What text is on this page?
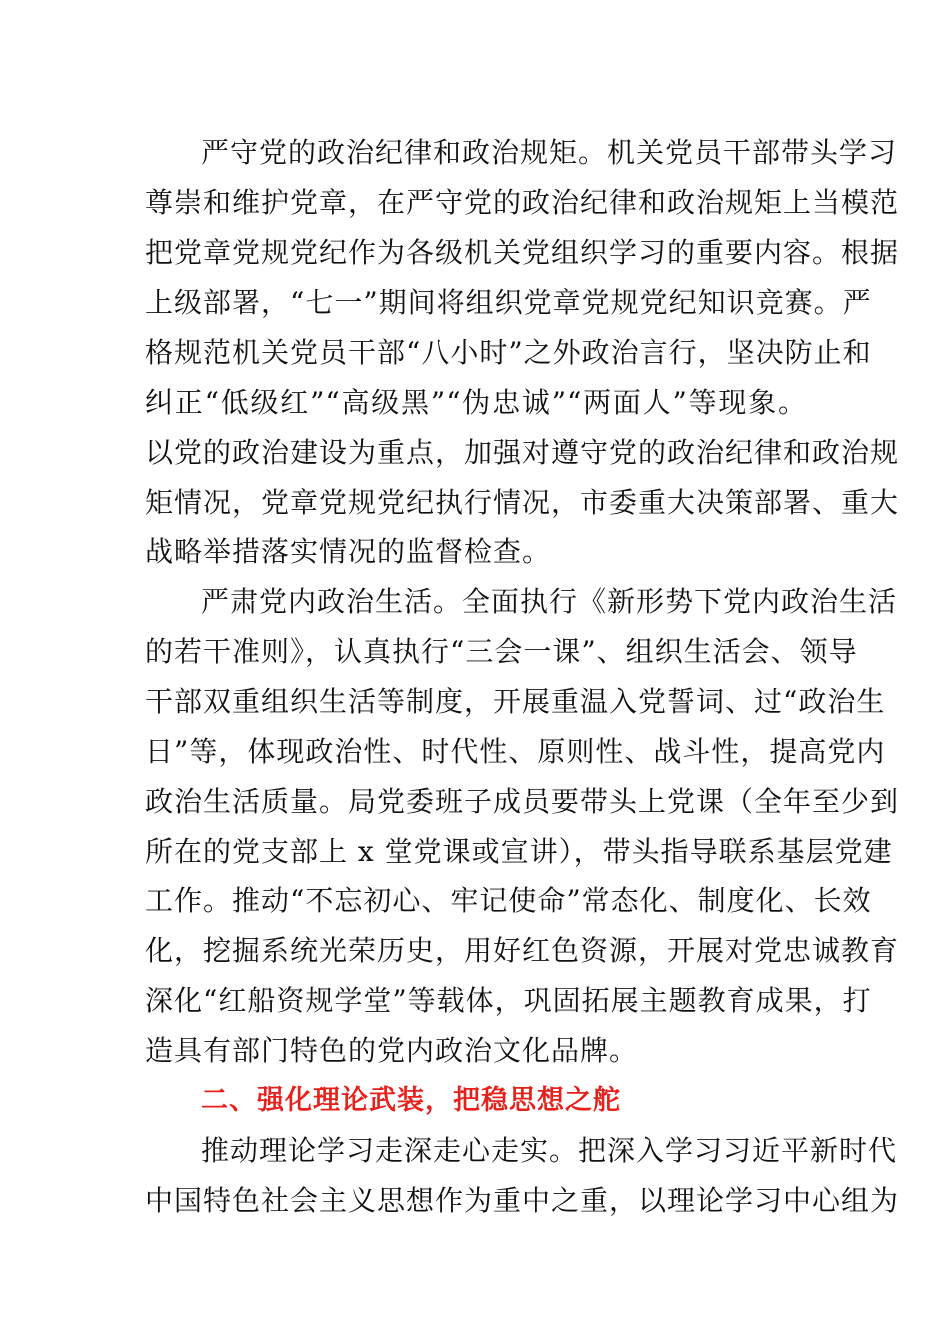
严守党的政治纪律和政治规矩。机关党员干部带头学习
尊崇和维护党章，在严守党的政治纪律和政治规矩上当模范
把党章党规党纪作为各级机关党组织学习的重要内容。根据
上级部署，“七一”期间将组织党章党规党纪知识竞赛。严
格规范机关党员干部“八小时”之外政治言行，坚决防止和
纠正“低级红”“高级黑”“伪忠诚”“两面人”等现象。
以党的政治建设为重点，加强对遵守党的政治纪律和政治规
矩情况，党章党规党纪执行情况，市委重大决策部署、重大
战略举措落实情况的监督检查。
严肃党内政治生活。全面执行《新形势下党内政治生活
的若干准则》，认真执行“三会一课”、组织生活会、领导
干部双重组织生活等制度，开展重温入党誓词、过“政治生
日”等，体现政治性、时代性、原则性、战斗性，提高党内
政治生活质量。局党委班子成员要带头上党课（全年至少到
所在的党支部上 x 堂党课或宣讲），带头指导联系基层党建
工作。推动“不忘初心、牢记使命”常态化、制度化、长效
化，挖掘系统光荣历史，用好红色资源，开展对党忠诚教育
深化“红船资规学堂”等载体，巩固拓展主题教育成果，打
造具有部门特色的党内政治文化品牌。
二、强化理论武装，把稳思想之舵
推动理论学习走深走心走实。把深入学习习近平新时代
中国特色社会主义思想作为重中之重，以理论学习中心组为
